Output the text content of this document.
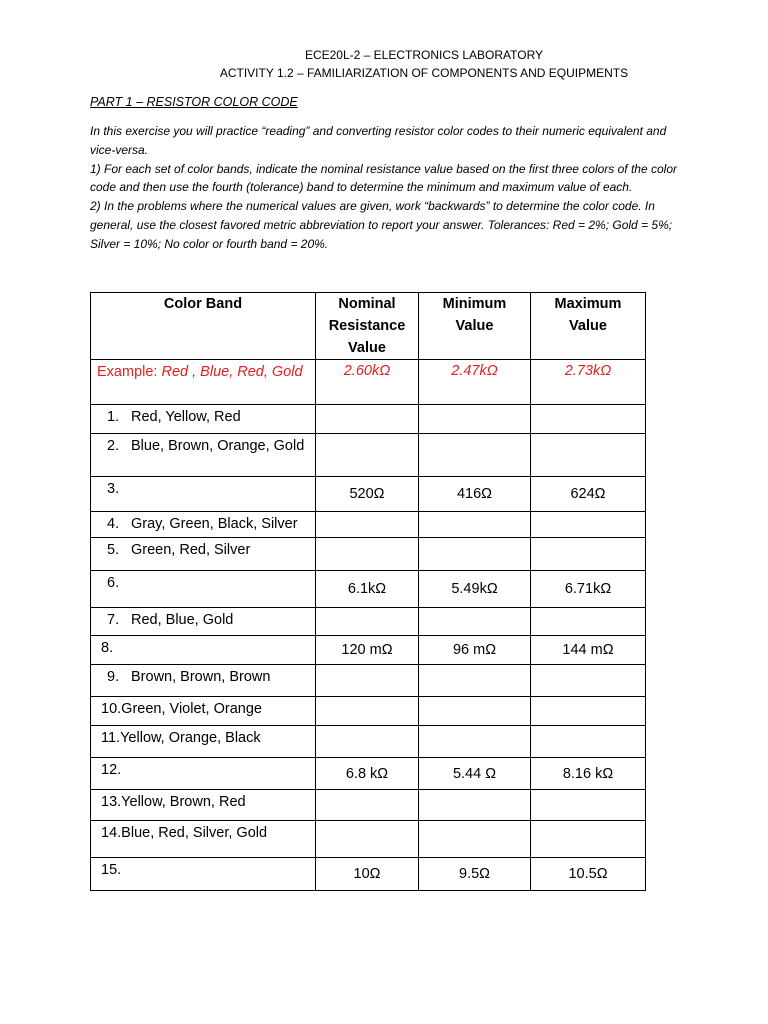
ECE20L-2 – ELECTRONICS LABORATORY
ACTIVITY 1.2 – FAMILIARIZATION OF COMPONENTS AND EQUIPMENTS
PART 1 – RESISTOR COLOR CODE

In this exercise you will practice “reading” and converting resistor color codes to their numeric equivalent and vice-versa.

1) For each set of color bands, indicate the nominal resistance value based on the first three colors of the color code and then use the fourth (tolerance) band to determine the minimum and maximum value of each.

2) In the problems where the numerical values are given, work “backwards” to determine the color code. In general, use the closest favored metric abbreviation to report your answer. Tolerances: Red = 2%; Gold = 5%; Silver = 10%; No color or fourth band = 20%.

Color Band	Nominal Resistance Value	Minimum Value	Maximum Value
Example: Red , Blue, Red, Gold	2.60kΩ	2.47kΩ	2.73kΩ

1. Red, Yellow, Red			

2. Blue, Brown, Orange, Gold			

3.	520Ω	416Ω	624Ω

4. Gray, Green, Black, Silver			

5. Green, Red, Silver			

6.	6.1kΩ	5.49kΩ	6.71kΩ

7. Red, Blue, Gold			

8.	120 mΩ	96 mΩ	144 mΩ

9. Brown, Brown, Brown			

10.Green, Violet, Orange			
11.Yellow, Orange, Black			
12.	6.8 kΩ	5.44 Ω	8.16 kΩ
13.Yellow, Brown, Red			
14.Blue, Red, Silver, Gold			
15.	10Ω	9.5Ω	10.5Ω
